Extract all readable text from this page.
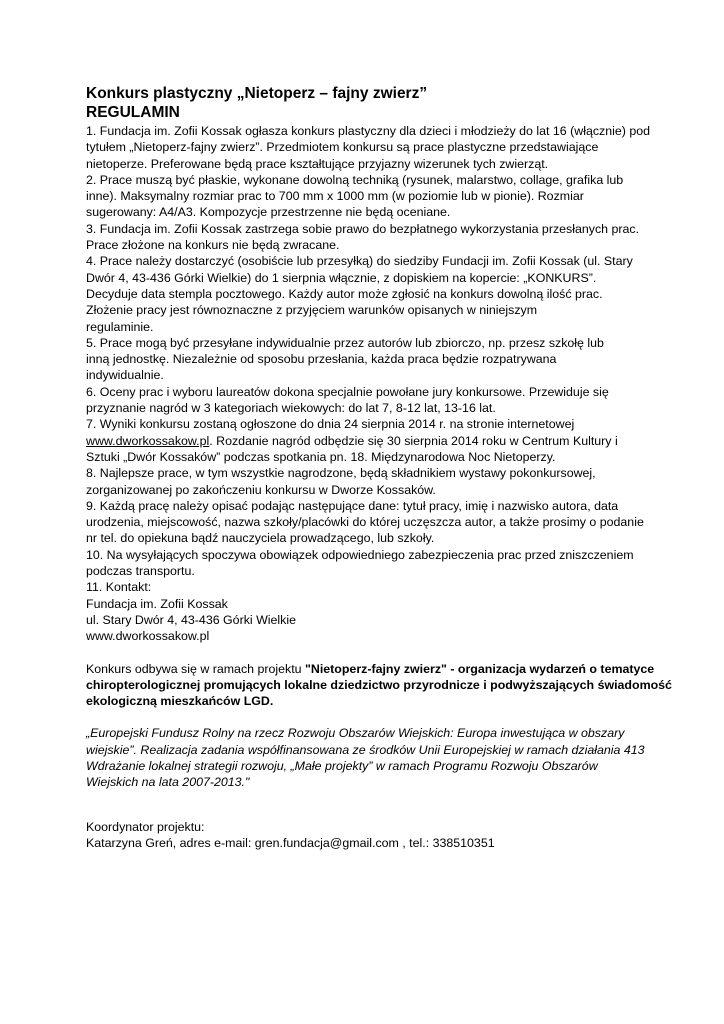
Konkurs plastyczny „Nietoperz – fajny zwierz”
REGULAMIN
1. Fundacja im. Zofii Kossak ogłasza konkurs plastyczny dla dzieci i młodzieży do lat 16 (włącznie) pod
tytułem „Nietoperz-fajny zwierz”. Przedmiotem konkursu są prace plastyczne przedstawiające
nietoperze. Preferowane będą prace kształtujące przyjazny wizerunek tych zwierząt.
2. Prace muszą być płaskie, wykonane dowolną techniką (rysunek, malarstwo, collage, grafika lub
inne). Maksymalny rozmiar prac to 700 mm x 1000 mm (w poziomie lub w pionie). Rozmiar
sugerowany: A4/A3. Kompozycje przestrzenne nie będą oceniane.
3. Fundacja im. Zofii Kossak zastrzega sobie prawo do bezpłatnego wykorzystania przesłanych prac.
Prace złożone na konkurs nie będą zwracane.
4. Prace należy dostarczyć (osobiście lub przesyłką) do siedziby Fundacji im. Zofii Kossak (ul. Stary
Dwór 4, 43-436 Górki Wielkie) do 1 sierpnia włącznie, z dopiskiem na kopercie: „KONKURS”.
Decyduje data stempla pocztowego. Każdy autor może zgłosić na konkurs dowolną ilość prac.
Złożenie pracy jest równoznaczne z przyjęciem warunków opisanych w niniejszym
regulaminie.
5. Prace mogą być przesyłane indywidualnie przez autorów lub zbiorczo, np. przesz szkołę lub
inną jednostkę. Niezależnie od sposobu przesłania, każda praca będzie rozpatrywana
indywidualnie.
6. Oceny prac i wyboru laureatów dokona specjalnie powołane jury konkursowe. Przewiduje się
przyznanie nagród w 3 kategoriach wiekowych: do lat 7, 8-12 lat, 13-16 lat.
7. Wyniki konkursu zostaną ogłoszone do dnia 24 sierpnia 2014 r. na stronie internetowej
www.dworkossakow.pl. Rozdanie nagród odbędzie się 30 sierpnia 2014 roku w Centrum Kultury i
Sztuki „Dwór Kossaków” podczas spotkania pn. 18. Międzynarodowa Noc Nietoperzy.
8. Najlepsze prace, w tym wszystkie nagrodzone, będą składnikiem wystawy pokonkursowej,
zorganizowanej po zakończeniu konkursu w Dworze Kossaków.
9. Każdą pracę należy opisać podając następujące dane: tytuł pracy, imię i nazwisko autora, data
urodzenia, miejscowość, nazwa szkoły/placówki do której uczęszcza autor, a także prosimy o podanie
nr tel. do opiekuna bądź nauczyciela prowadzącego, lub szkoły.
10. Na wysyłających spoczywa obowiązek odpowiedniego zabezpieczenia prac przed zniszczeniem
podczas transportu.
11. Kontakt:
Fundacja im. Zofii Kossak
ul. Stary Dwór 4, 43-436 Górki Wielkie
www.dworkossakow.pl
Konkurs odbywa się w ramach projektu "Nietoperz-fajny zwierz" - organizacja wydarzeń o tematyce
chiropterologicznej promujących lokalne dziedzictwo przyrodnicze i podwyższających świadomość
ekologiczną mieszkańców LGD.
„Europejski Fundusz Rolny na rzecz Rozwoju Obszarów Wiejskich: Europa inwestująca w obszary
wiejskie”. Realizacja zadania współfinansowana ze środków Unii Europejskiej w ramach działania 413
Wdrażanie lokalnej strategii rozwoju, „Małe projekty” w ramach Programu Rozwoju Obszarów
Wiejskich na lata 2007-2013."
Koordynator projektu:
Katarzyna Greń, adres e-mail: gren.fundacja@gmail.com , tel.: 338510351
